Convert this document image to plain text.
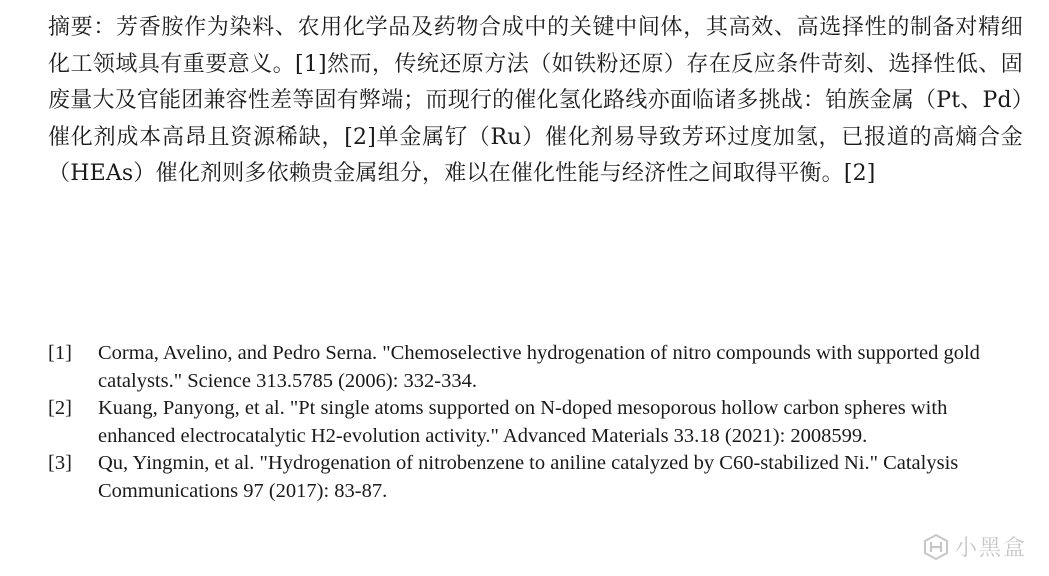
摘要：芳香胺作为染料、农用化学品及药物合成中的关键中间体，其高效、高选择性的制备对精细化工领域具有重要意义。[1]然而，传统还原方法（如铁粉还原）存在反应条件苛刻、选择性低、固废量大及官能团兼容性差等固有弊端；而现行的催化氢化路线亦面临诸多挑战：铂族金属（Pt、Pd）催化剂成本高昂且资源稀缺，[2]单金属钌（Ru）催化剂易导致芳环过度加氢，已报道的高熵合金（HEAs）催化剂则多依赖贵金属组分，难以在催化性能与经济性之间取得平衡。[2]

[1]	Corma, Avelino, and Pedro Serna. "Chemoselective hydrogenation of nitro compounds with supported gold catalysts." Science 313.5785 (2006): 332-334.
[2]	Kuang, Panyong, et al. "Pt single atoms supported on N-doped mesoporous hollow carbon spheres with enhanced electrocatalytic H2-evolution activity." Advanced Materials 33.18 (2021): 2008599.
[3]	Qu, Yingmin, et al. "Hydrogenation of nitrobenzene to aniline catalyzed by C60-stabilized Ni." Catalysis Communications 97 (2017): 83-87.
小黑盒
